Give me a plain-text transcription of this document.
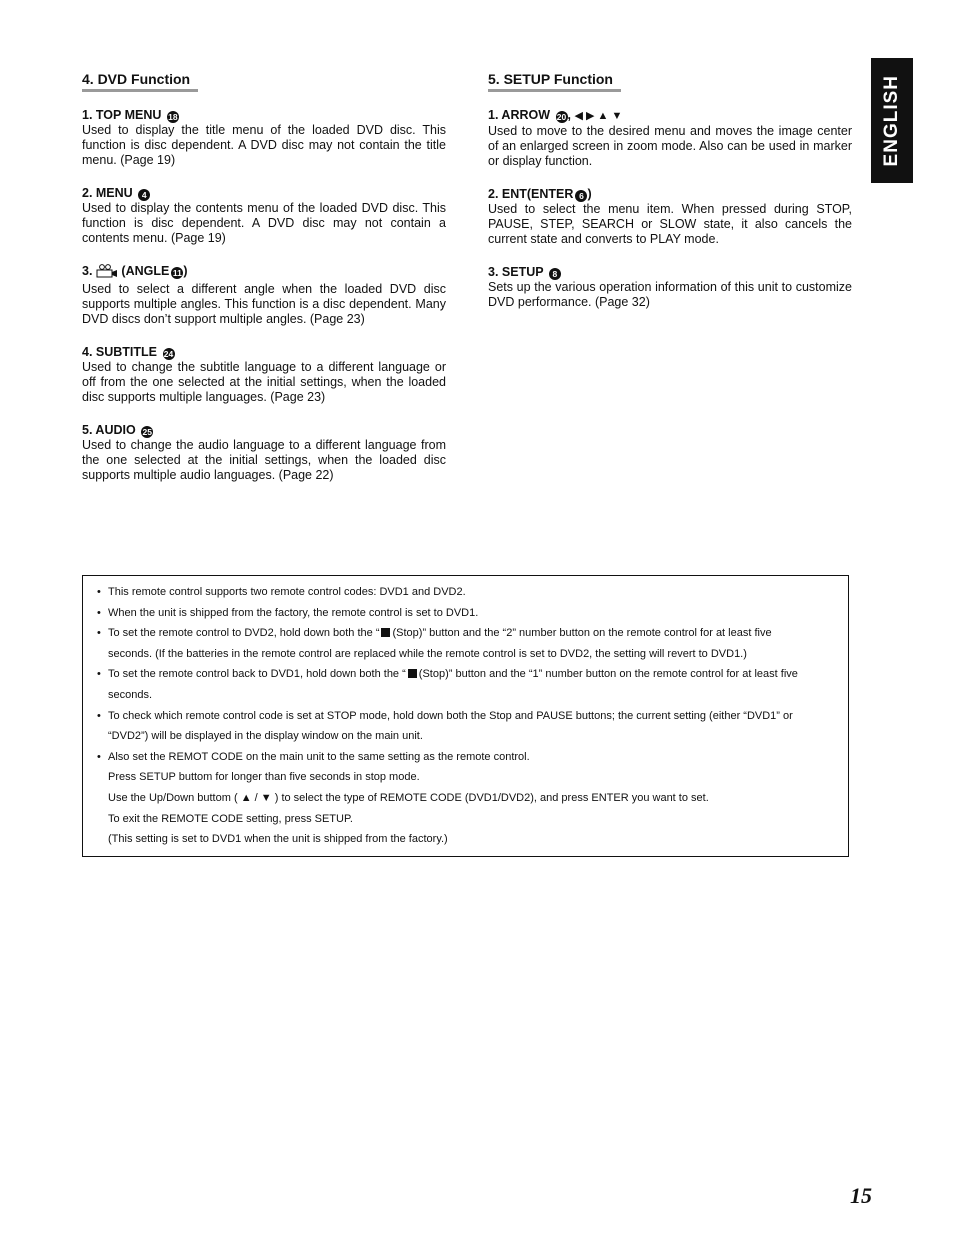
ENGLISH
4. DVD Function
1. TOP MENU 18
Used to display the title menu of the loaded DVD disc. This function is disc dependent. A DVD disc may not contain the title menu. (Page 19)
2. MENU 4
Used to display the contents menu of the loaded DVD disc. This function is disc dependent. A DVD disc may not contain a contents menu. (Page 19)
3. (ANGLE 11 )
Used to select a different angle when the loaded DVD disc supports multiple angles. This function is a disc dependent. Many DVD discs don’t support multiple angles. (Page 23)
4. SUBTITLE 24
Used to change the subtitle language to a different language or off from the one selected at the initial settings, when the loaded disc supports multiple languages. (Page 23)
5. AUDIO 25
Used to change the audio language to a different language from the one selected at the initial settings, when the loaded disc supports multiple audio languages. (Page 22)
5. SETUP Function
1. ARROW 20, ◀ ▶ ▲ ▼
Used to move to the desired menu and moves the image center of an enlarged screen in zoom mode. Also can be used in marker or display function.
2. ENT(ENTER 6 )
Used to select the menu item. When pressed during STOP, PAUSE, STEP, SEARCH or SLOW state, it also cancels the current state and converts to PLAY mode.
3. SETUP 8
Sets up the various operation information of this unit to customize DVD performance. (Page 32)
• This remote control supports two remote control codes: DVD1 and DVD2.
• When the unit is shipped from the factory, the remote control is set to DVD1.
• To set the remote control to DVD2, hold down both the “ (Stop)” button and the “2” number button on the remote control for at least five
seconds. (If the batteries in the remote control are replaced while the remote control is set to DVD2, the setting will revert to DVD1.)
• To set the remote control back to DVD1, hold down both the “ (Stop)” button and the “1” number button on the remote control for at least five
seconds.
• To check which remote control code is set at STOP mode, hold down both the Stop and PAUSE buttons; the current setting (either “DVD1” or
“DVD2”) will be displayed in the display window on the main unit.
• Also set the REMOT CODE on the main unit to the same setting as the remote control.
Press SETUP buttom for longer than five seconds in stop mode.
Use the Up/Down buttom ( ▲ / ▼ ) to select the type of REMOTE CODE (DVD1/DVD2), and press ENTER you want to set.
To exit the REMOTE CODE setting, press SETUP.
(This setting is set to DVD1 when the unit is shipped from the factory.)
15
